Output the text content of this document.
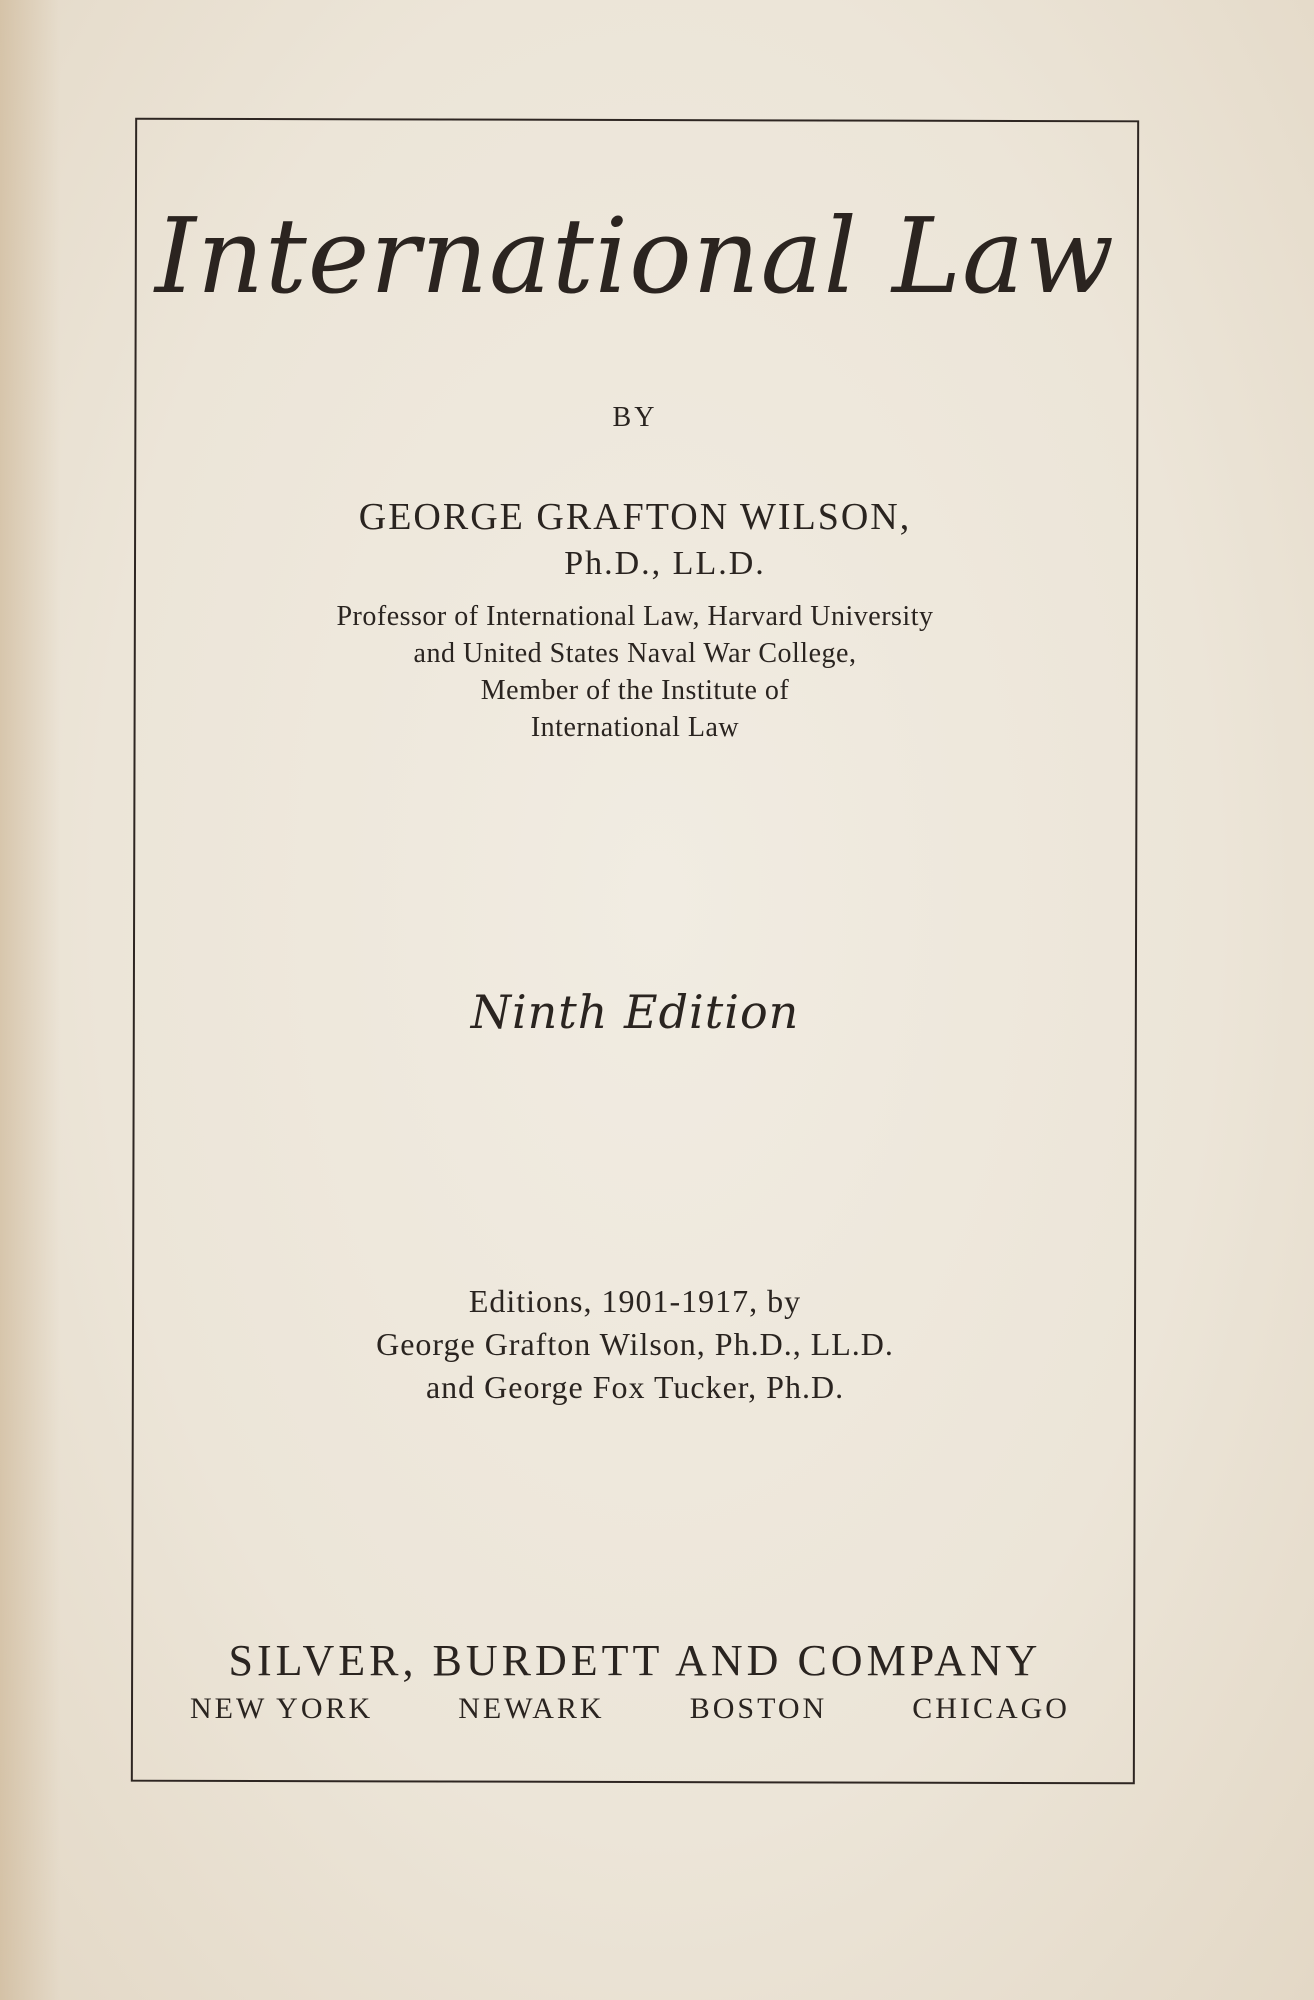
International Law
BY
GEORGE GRAFTON WILSON,
Ph.D., LL.D.
Professor of International Law, Harvard University
and United States Naval War College,
Member of the Institute of
International Law
Ninth Edition
Editions, 1901-1917, by
George Grafton Wilson, Ph.D., LL.D.
and George Fox Tucker, Ph.D.
SILVER, BURDETT AND COMPANY
NEW YORK	NEWARK	BOSTON	CHICAGO
